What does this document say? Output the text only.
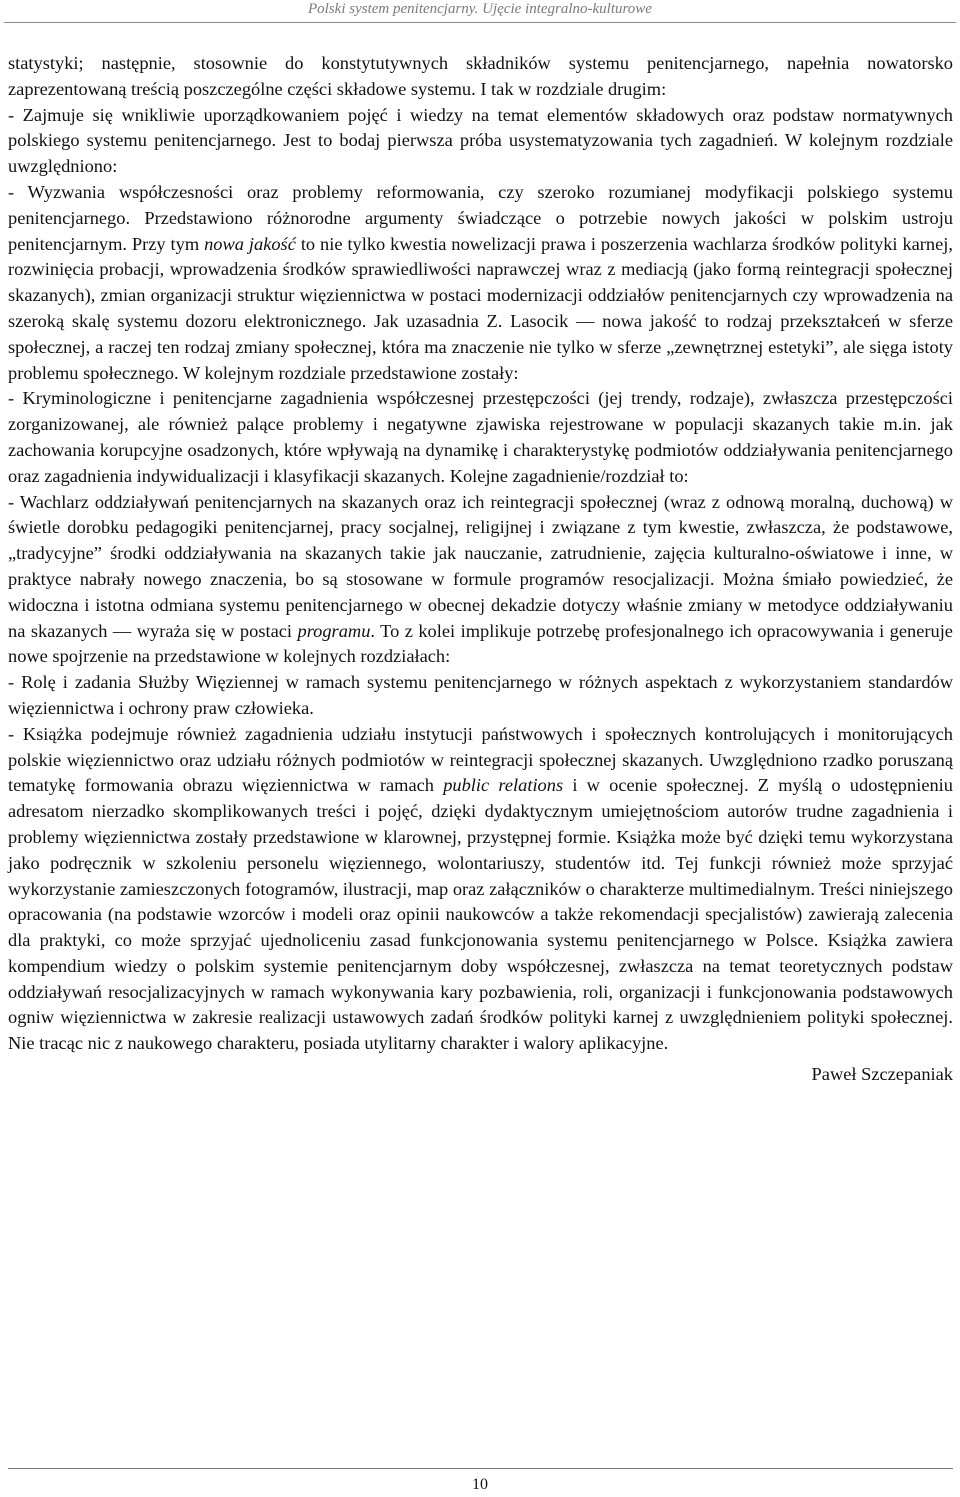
Polski system penitencjarny. Ujęcie integralno-kulturowe

statystyki; następnie, stosownie do konstytutywnych składników systemu penitencjarnego, napełnia nowatorsko zaprezentowaną treścią poszczególne części składowe systemu. I tak w rozdziale drugim:

- Zajmuje się wnikliwie uporządkowaniem pojęć i wiedzy na temat elementów składowych oraz podstaw normatywnych polskiego systemu penitencjarnego. Jest to bodaj pierwsza próba usystematyzowania tych zagadnień. W kolejnym rozdziale uwzględniono:

- Wyzwania współczesności oraz problemy reformowania, czy szeroko rozumianej modyfikacji polskiego systemu penitencjarnego. Przedstawiono różnorodne argumenty świadczące o potrzebie nowych jakości w polskim ustroju penitencjarnym. Przy tym nowa jakość to nie tylko kwestia nowelizacji prawa i poszerzenia wachlarza środków polityki karnej, rozwinięcia probacji, wprowadzenia środków sprawiedliwości naprawczej wraz z mediacją (jako formą reintegracji społecznej skazanych), zmian organizacji struktur więziennictwa w postaci modernizacji oddziałów penitencjarnych czy wprowadzenia na szeroką skalę systemu dozoru elektronicznego. Jak uzasadnia Z. Lasocik — nowa jakość to rodzaj przekształceń w sferze społecznej, a raczej ten rodzaj zmiany społecznej, która ma znaczenie nie tylko w sferze „zewnętrznej estetyki”, ale sięga istoty problemu społecznego. W kolejnym rozdziale przedstawione zostały:

- Kryminologiczne i penitencjarne zagadnienia współczesnej przestępczości (jej trendy, rodzaje), zwłaszcza przestępczości zorganizowanej, ale również palące problemy i negatywne zjawiska rejestrowane w populacji skazanych takie m.in. jak zachowania korupcyjne osadzonych, które wpływają na dynamikę i charakterystykę podmiotów oddziaływania penitencjarnego oraz zagadnienia indywidualizacji i klasyfikacji skazanych. Kolejne zagadnienie/rozdział to:

- Wachlarz oddziaływań penitencjarnych na skazanych oraz ich reintegracji społecznej (wraz z odnową moralną, duchową) w świetle dorobku pedagogiki penitencjarnej, pracy socjalnej, religijnej i związane z tym kwestie, zwłaszcza, że podstawowe, „tradycyjne” środki oddziaływania na skazanych takie jak nauczanie, zatrudnienie, zajęcia kulturalno-oświatowe i inne, w praktyce nabrały nowego znaczenia, bo są stosowane w formule programów resocjalizacji. Można śmiało powiedzieć, że widoczna i istotna odmiana systemu penitencjarnego w obecnej dekadzie dotyczy właśnie zmiany w metodyce oddziaływaniu na skazanych — wyraża się w postaci programu. To z kolei implikuje potrzebę profesjonalnego ich opracowywania i generuje nowe spojrzenie na przedstawione w kolejnych rozdziałach:

- Rolę i zadania Służby Więziennej w ramach systemu penitencjarnego w różnych aspektach z wykorzystaniem standardów więziennictwa i ochrony praw człowieka.

- Książka podejmuje również zagadnienia udziału instytucji państwowych i społecznych kontrolujących i monitorujących polskie więziennictwo oraz udziału różnych podmiotów w reintegracji społecznej skazanych. Uwzględniono rzadko poruszaną tematykę formowania obrazu więziennictwa w ramach public relations i w ocenie społecznej. Z myślą o udostępnieniu adresatom nierzadko skomplikowanych treści i pojęć, dzięki dydaktycznym umiejętnościom autorów trudne zagadnienia i problemy więziennictwa zostały przedstawione w klarownej, przystępnej formie. Książka może być dzięki temu wykorzystana jako podręcznik w szkoleniu personelu więziennego, wolontariuszy, studentów itd. Tej funkcji również może sprzyjać wykorzystanie zamieszczonych fotogramów, ilustracji, map oraz załączników o charakterze multimedialnym. Treści niniejszego opracowania (na podstawie wzorców i modeli oraz opinii naukowców a także rekomendacji specjalistów) zawierają zalecenia dla praktyki, co może sprzyjać ujednoliceniu zasad funkcjonowania systemu penitencjarnego w Polsce. Książka zawiera kompendium wiedzy o polskim systemie penitencjarnym doby współczesnej, zwłaszcza na temat teoretycznych podstaw oddziaływań resocjalizacyjnych w ramach wykonywania kary pozbawienia, roli, organizacji i funkcjonowania podstawowych ogniw więziennictwa w zakresie realizacji ustawowych zadań środków polityki karnej z uwzględnieniem polityki społecznej. Nie tracąc nic z naukowego charakteru, posiada utylitarny charakter i walory aplikacyjne.

Paweł Szczepaniak

10
